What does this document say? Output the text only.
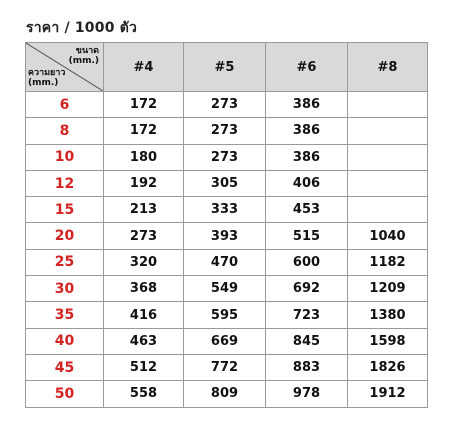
ราคา / 1000 ตัว
ขนาด
(mm.)
ความยาว
(mm.)	#4	#5	#6	#8
6	172	273	386	
8	172	273	386	
10	180	273	386	
12	192	305	406	
15	213	333	453	
20	273	393	515	1040
25	320	470	600	1182
30	368	549	692	1209
35	416	595	723	1380
40	463	669	845	1598
45	512	772	883	1826
50	558	809	978	1912
